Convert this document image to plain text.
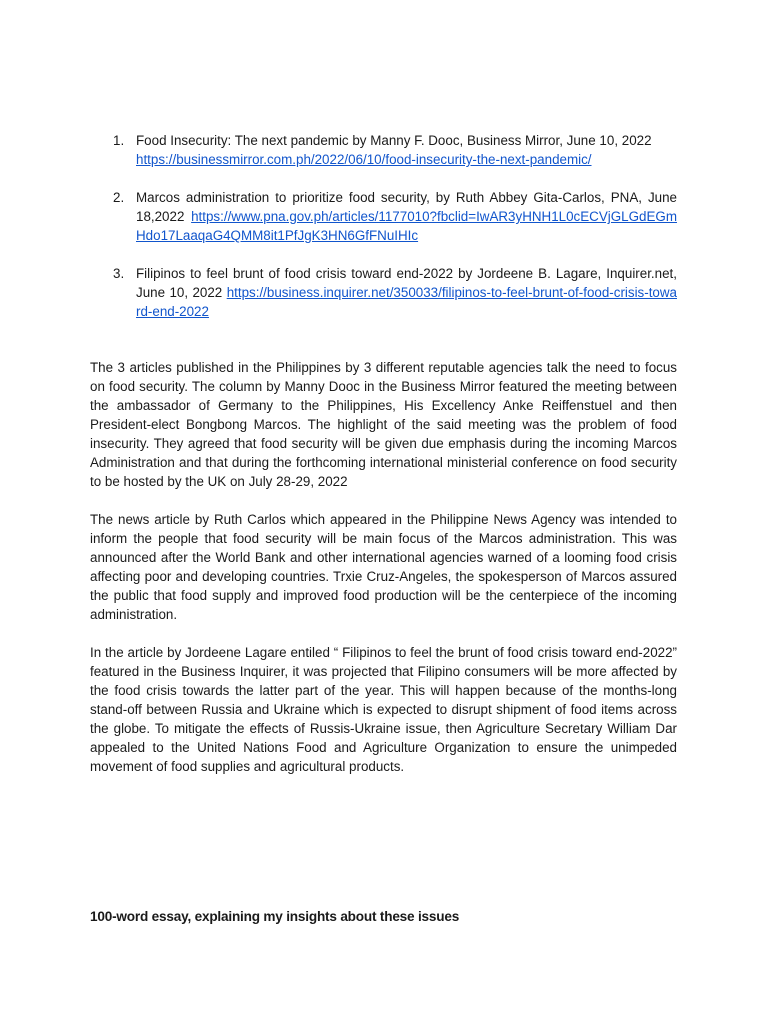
1. Food Insecurity: The next pandemic by Manny F. Dooc, Business Mirror, June 10, 2022
https://businessmirror.com.ph/2022/06/10/food-insecurity-the-next-pandemic/
2. Marcos administration to prioritize food security, by Ruth Abbey Gita-Carlos, PNA, June 18,2022 https://www.pna.gov.ph/articles/1177010?fbclid=IwAR3yHNH1L0cECVjGLGdEGmHdo17LaaqaG4QMM8it1PfJgK3HN6GfFNuIHIc
3. Filipinos to feel brunt of food crisis toward end-2022 by Jordeene B. Lagare, Inquirer.net, June 10, 2022 https://business.inquirer.net/350033/filipinos-to-feel-brunt-of-food-crisis-toward-end-2022

The 3 articles published in the Philippines by 3 different reputable agencies talk the need to focus on food security. The column by Manny Dooc in the Business Mirror featured the meeting between the ambassador of Germany to the Philippines, His Excellency Anke Reiffenstuel and then President-elect Bongbong Marcos. The highlight of the said meeting was the problem of food insecurity. They agreed that food security will be given due emphasis during the incoming Marcos Administration and that during the forthcoming international ministerial conference on food security to be hosted by the UK on July 28-29, 2022

The news article by Ruth Carlos which appeared in the Philippine News Agency was intended to inform the people that food security will be main focus of the Marcos administration. This was announced after the World Bank and other international agencies warned of a looming food crisis affecting poor and developing countries. Trxie Cruz-Angeles, the spokesperson of Marcos assured the public that food supply and improved food production will be the centerpiece of the incoming administration.

In the article by Jordeene Lagare entiled “ Filipinos to feel the brunt of food crisis toward end-2022” featured in the Business Inquirer, it was projected that Filipino consumers will be more affected by the food crisis towards the latter part of the year. This will happen because of the months-long stand-off between Russia and Ukraine which is expected to disrupt shipment of food items across the globe. To mitigate the effects of Russis-Ukraine issue, then Agriculture Secretary William Dar appealed to the United Nations Food and Agriculture Organization to ensure the unimpeded movement of food supplies and agricultural products.

100-word essay, explaining my insights about these issues
